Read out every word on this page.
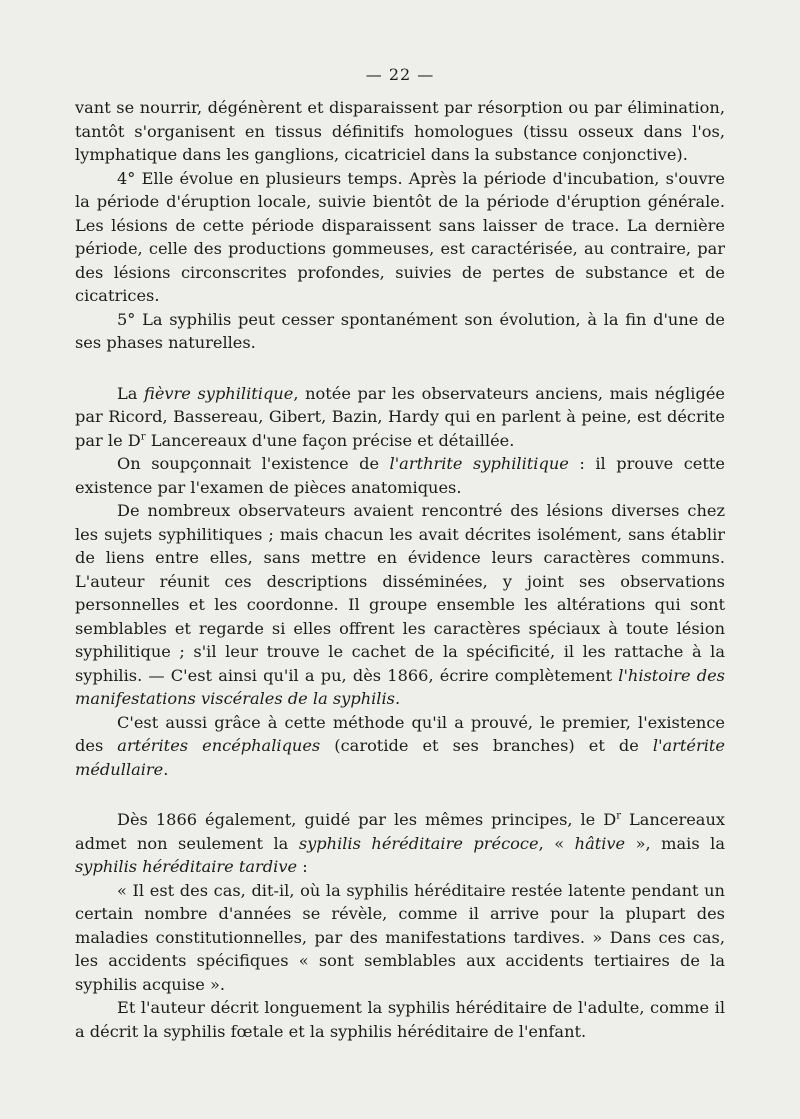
— 22 —

vant se nourrir, dégénèrent et disparaissent par résorption ou par élimination, tantôt s'organisent en tissus définitifs homologues (tissu osseux dans l'os, lymphatique dans les ganglions, cicatriciel dans la substance conjonctive).

4° Elle évolue en plusieurs temps. Après la période d'incubation, s'ouvre la période d'éruption locale, suivie bientôt de la période d'éruption générale. Les lésions de cette période disparaissent sans laisser de trace. La dernière période, celle des productions gommeuses, est caractérisée, au contraire, par des lésions circonscrites profondes, suivies de pertes de substance et de cicatrices.

5° La syphilis peut cesser spontanément son évolution, à la fin d'une de ses phases naturelles.

La fièvre syphilitique, notée par les observateurs anciens, mais négligée par Ricord, Bassereau, Gibert, Bazin, Hardy qui en parlent à peine, est décrite par le $D^r$ Lancereaux d'une façon précise et détaillée.

On soupçonnait l'existence de l'arthrite syphilitique : il prouve cette existence par l'examen de pièces anatomiques.

De nombreux observateurs avaient rencontré des lésions diverses chez les sujets syphilitiques ; mais chacun les avait décrites isolément, sans établir de liens entre elles, sans mettre en évidence leurs caractères communs. L'auteur réunit ces descriptions disséminées, y joint ses observations personnelles et les coordonne. Il groupe ensemble les altérations qui sont semblables et regarde si elles offrent les caractères spéciaux à toute lésion syphilitique ; s'il leur trouve le cachet de la spécificité, il les rattache à la syphilis. — C'est ainsi qu'il a pu, dès 1866, écrire complètement l'histoire des manifestations viscérales de la syphilis.

C'est aussi grâce à cette méthode qu'il a prouvé, le premier, l'existence des artérites encéphaliques (carotide et ses branches) et de l'artérite médullaire.

Dès 1866 également, guidé par les mêmes principes, le $D^r$ Lancereaux admet non seulement la syphilis héréditaire précoce, « hâtive », mais la syphilis héréditaire tardive :

« Il est des cas, dit-il, où la syphilis héréditaire restée latente pendant un certain nombre d'années se révèle, comme il arrive pour la plupart des maladies constitutionnelles, par des manifestations tardives. » Dans ces cas, les accidents spécifiques « sont semblables aux accidents tertiaires de la syphilis acquise ».

Et l'auteur décrit longuement la syphilis héréditaire de l'adulte, comme il a décrit la syphilis fœtale et la syphilis héréditaire de l'enfant.
